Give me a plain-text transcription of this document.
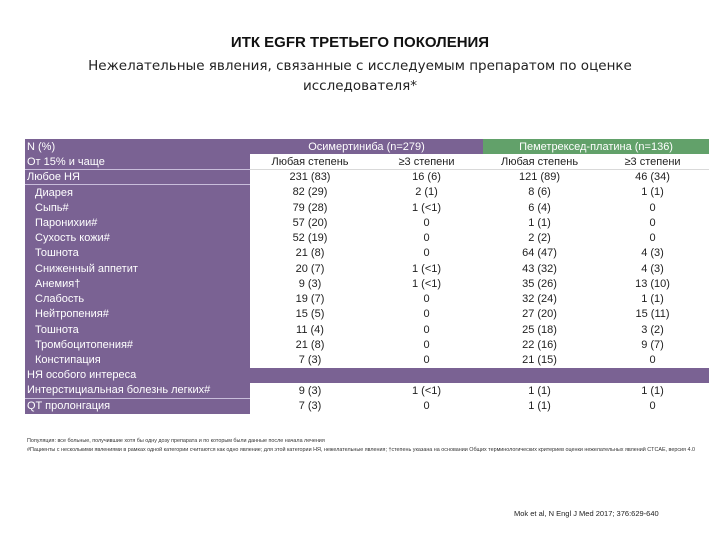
ИТК EGFR ТРЕТЬЕГО ПОКОЛЕНИЯ
Нежелательные явления, связанные с исследуемым препаратом по оценке
исследователя*
N (%)	Осимертиниба (n=279)		Пеметрексед-платина (n=136)	
От 15% и чаще	Любая степень	≥3 степени	Любая степень	≥3 степени
Любое НЯ	231 (83)	16 (6)	121 (89)	46 (34)
Диарея	82 (29)	2 (1)	8 (6)	1 (1)
Сыпь#	79 (28)	1 (<1)	6 (4)	0
Паронихии#	57 (20)	0	1 (1)	0
Сухость кожи#	52 (19)	0	2 (2)	0
Тошнота	21 (8)	0	64 (47)	4 (3)
Сниженный аппетит	20 (7)	1 (<1)	43 (32)	4 (3)
Анемия†	9 (3)	1 (<1)	35 (26)	13 (10)
Слабость	19 (7)	0	32 (24)	1 (1)
Нейтропения#	15 (5)	0	27 (20)	15 (11)
Тошнота	11 (4)	0	25 (18)	3 (2)
Тромбоцитопения#	21 (8)	0	22 (16)	9 (7)
Констипация	7 (3)	0	21 (15)	0
НЯ особого интереса				
Интерстициальная болезнь легких#	9 (3)	1 (<1)	1 (1)	1 (1)
QT пролонгация	7 (3)	0	1 (1)	0
Популяция: все больные, получившие хотя бы одну дозу препарата и по которым были данные после начала лечения
#Пациенты с несколькими явлениями в рамках одной категории считаются как одно явление; для этой категории НЯ, нежелательные явления; †степень указана на основании Общих терминологических критериев оценки нежелательных явлений CTCAE, версия 4.0
Mok et al, N Engl J Med 2017; 376:629-640
